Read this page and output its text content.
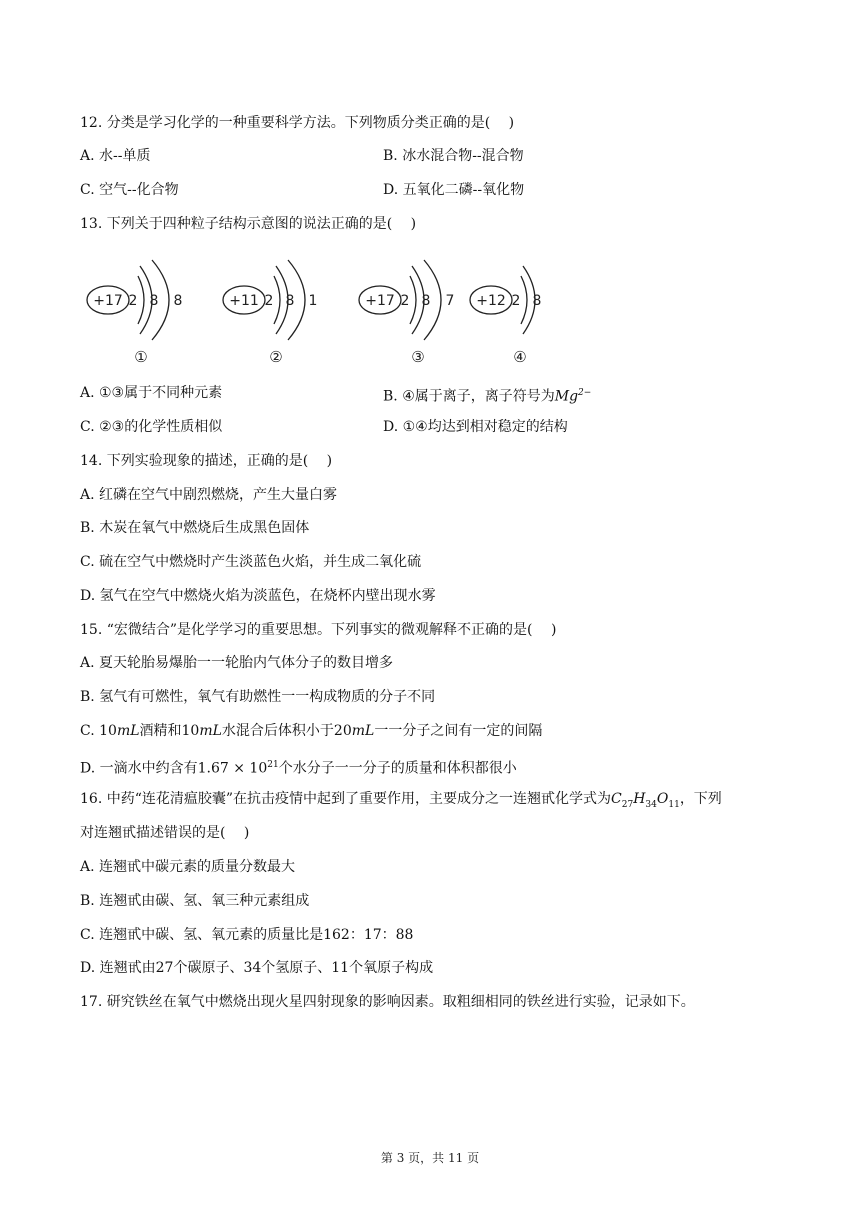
12. 分类是学习化学的一种重要科学方法。下列物质分类正确的是(　 )
A. 水--单质	B. 冰水混合物--混合物
C. 空气--化合物	D. 五氧化二磷--氧化物
13. 下列关于四种粒子结构示意图的说法正确的是(　 )
+17 2 8 8
①
+11 2 8 1
②
+17 2 8 7
③
+12 2 8
④
A. ①③属于不同种元素	B. ④属于离子，离子符号为$Mg^{2-}$
C. ②③的化学性质相似	D. ①④均达到相对稳定的结构
14. 下列实验现象的描述，正确的是(　 )
A. 红磷在空气中剧烈燃烧，产生大量白雾
B. 木炭在氧气中燃烧后生成黑色固体
C. 硫在空气中燃烧时产生淡蓝色火焰，并生成二氧化硫
D. 氢气在空气中燃烧火焰为淡蓝色，在烧杯内壁出现水雾
15. “宏微结合”是化学学习的重要思想。下列事实的微观解释不正确的是(　 )
A. 夏天轮胎易爆胎一一轮胎内气体分子的数目增多
B. 氢气有可燃性，氧气有助燃性一一构成物质的分子不同
C. 10mL酒精和10mL水混合后体积小于20mL一一分子之间有一定的间隔
D. 一滴水中约含有$1.67 \times 10^{21}$个水分子一一分子的质量和体积都很小
16. 中药“连花清瘟胶囊”在抗击疫情中起到了重要作用，主要成分之一连翘甙化学式为$C_{27}H_{34}O_{11}$，下列
对连翘甙描述错误的是(　 )
A. 连翘甙中碳元素的质量分数最大
B. 连翘甙由碳、氢、氧三种元素组成
C. 连翘甙中碳、氢、氧元素的质量比是162：17：88
D. 连翘甙由27个碳原子、34个氢原子、11个氧原子构成
17. 研究铁丝在氧气中燃烧出现火星四射现象的影响因素。取粗细相同的铁丝进行实验，记录如下。
第 3 页，共 11 页
